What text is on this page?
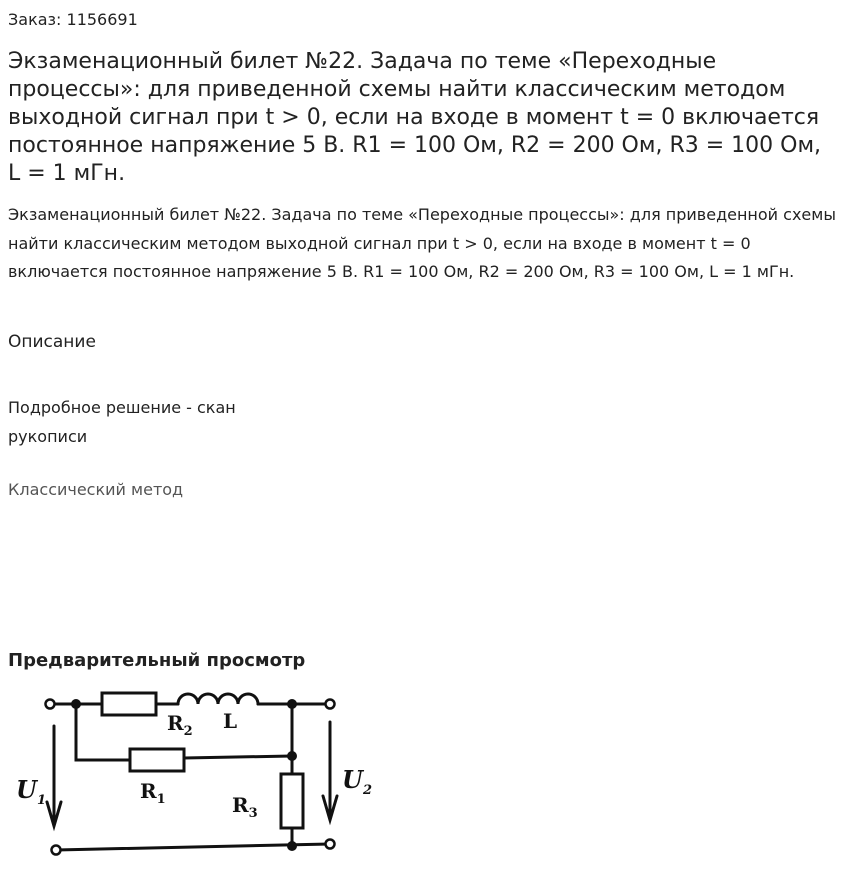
Заказ: 1156691
Экзаменационный билет №22. Задача по теме «Переходные процессы»: для приведенной схемы найти классическим методом выходной сигнал при t > 0, если на входе в момент t = 0 включается постоянное напряжение 5 В. R1 = 100 Ом, R2 = 200 Ом, R3 = 100 Ом, L = 1 мГн.

Экзаменационный билет №22. Задача по теме «Переходные процессы»: для приведенной схемы найти классическим методом выходной сигнал при t > 0, если на входе в момент t = 0 включается постоянное напряжение 5 В. R1 = 100 Ом, R2 = 200 Ом, R3 = 100 Ом, L = 1 мГн.

Описание
Подробное решение - скан рукописи
Классический метод
Предварительный просмотр
$R_2$ L
$R_1$	$R_3$
$U_1$
$U_2$
